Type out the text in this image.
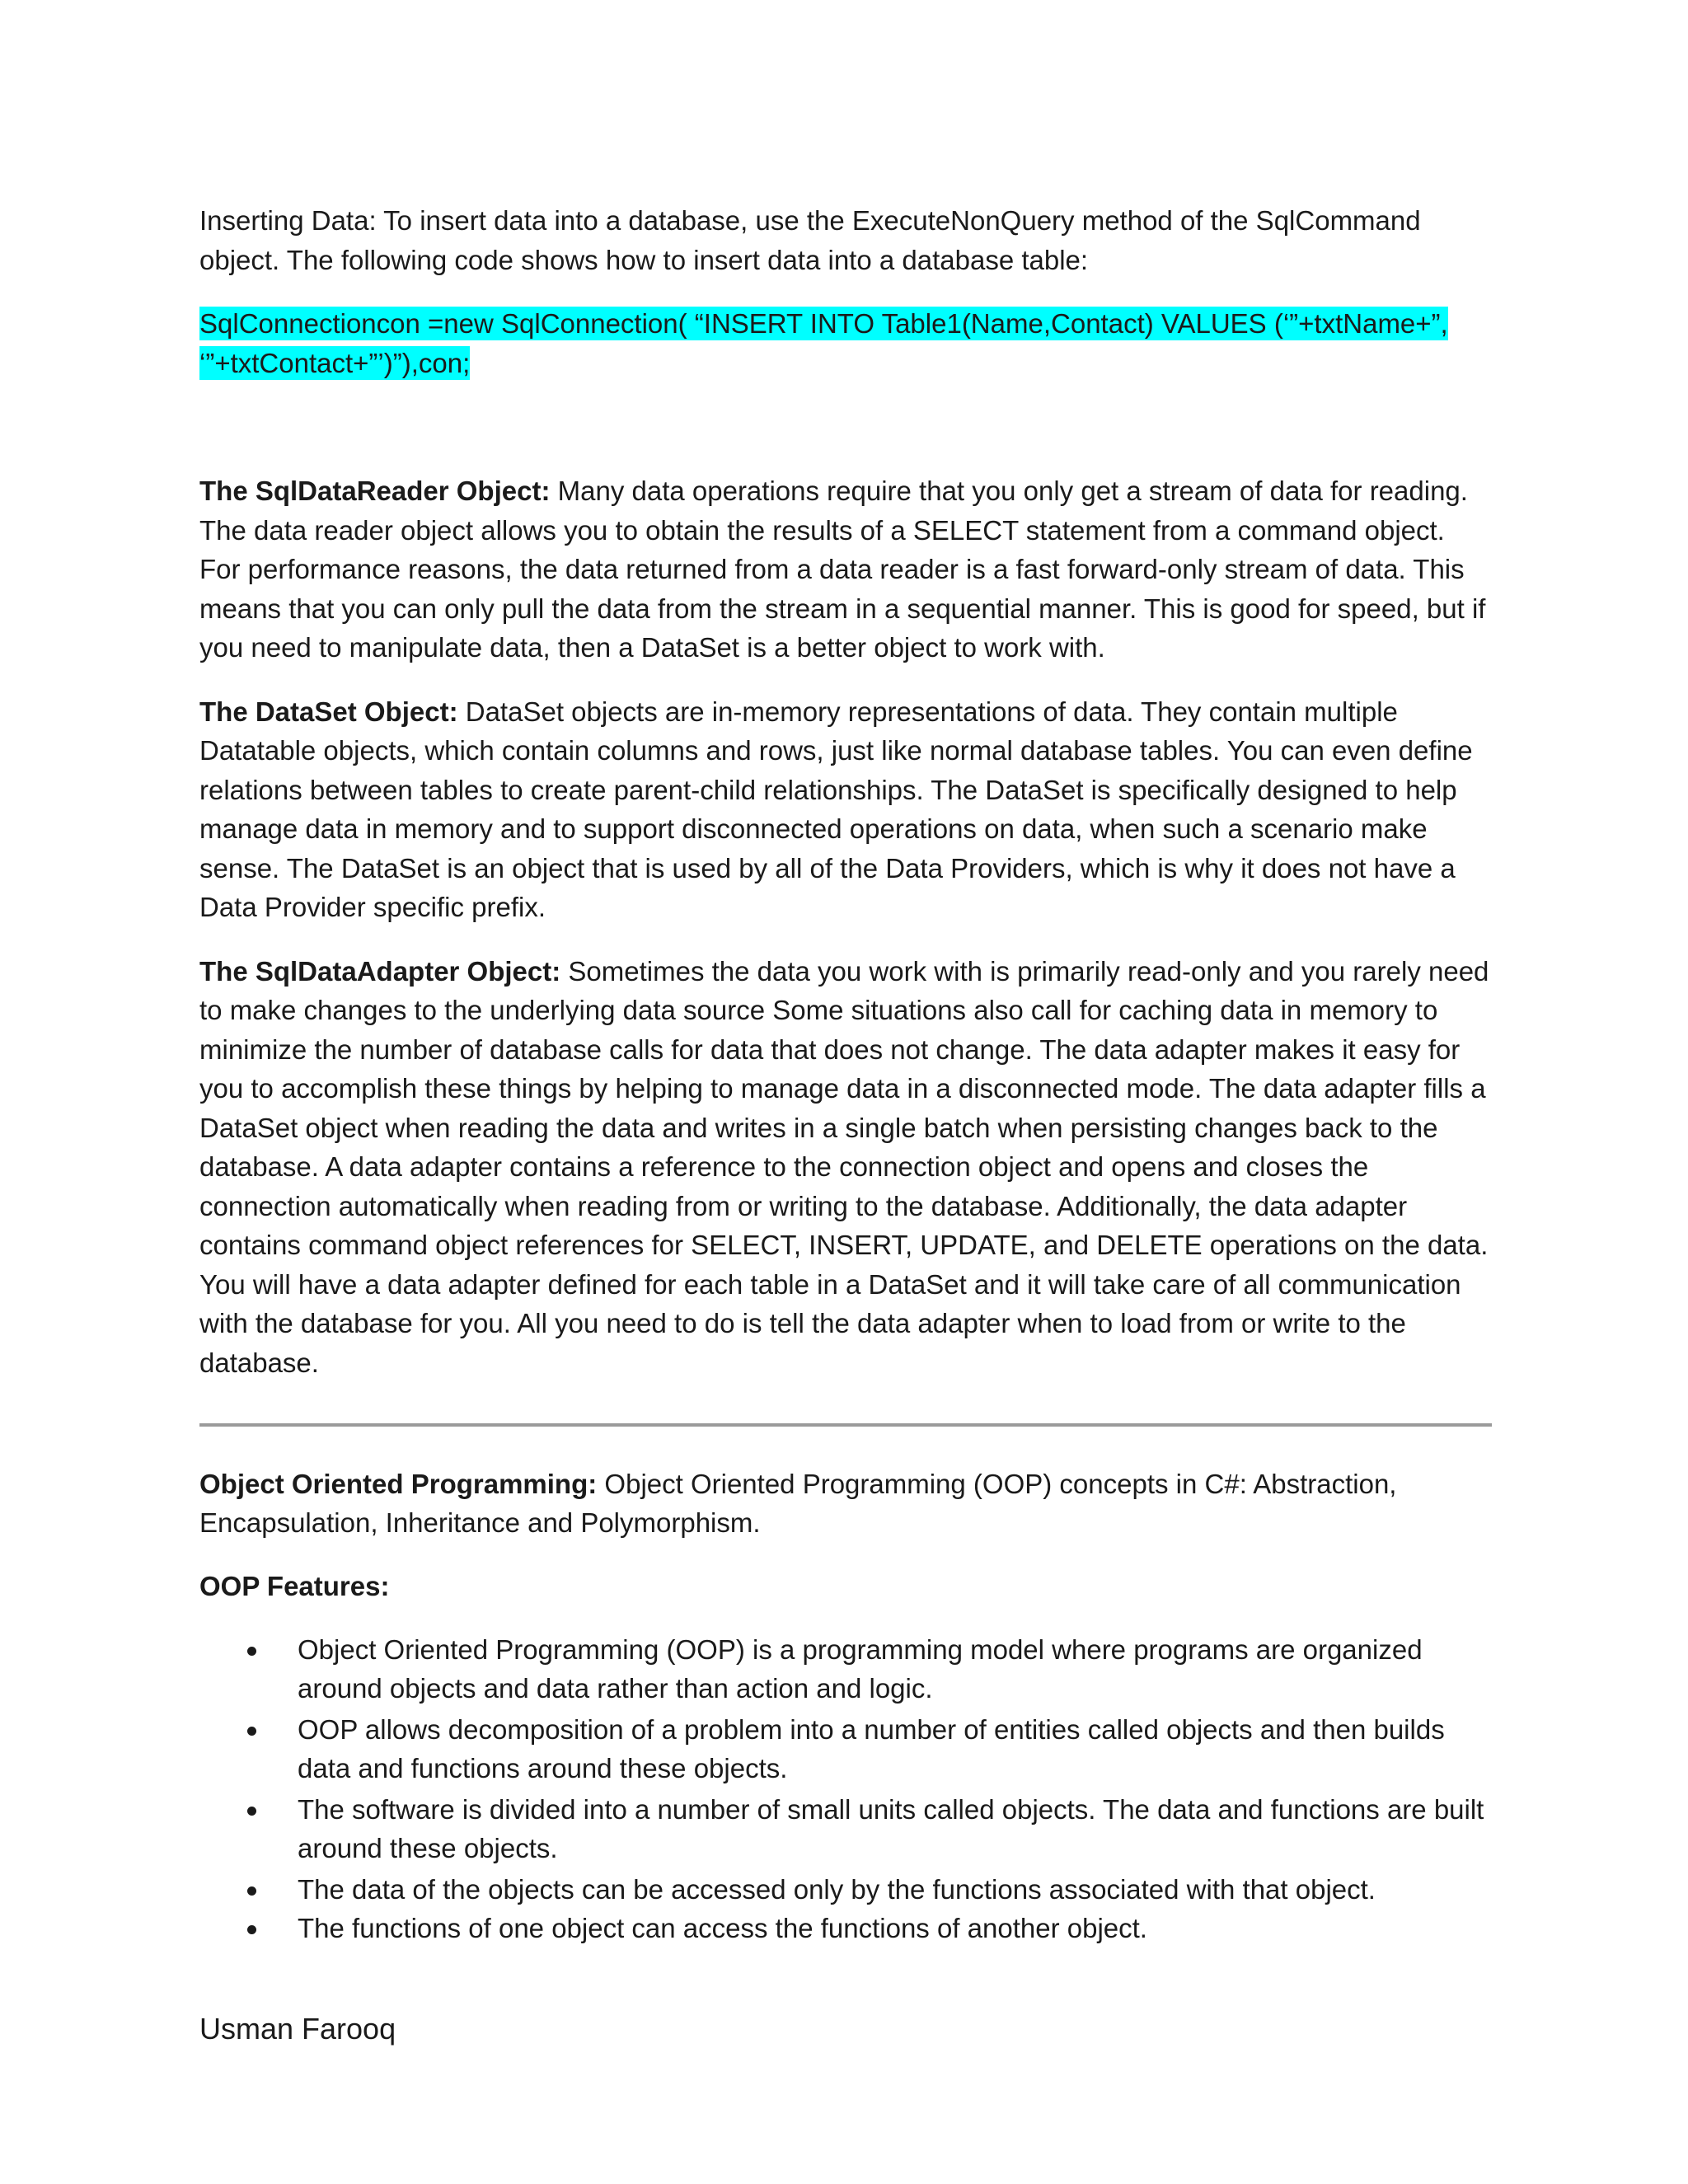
Inserting Data: To insert data into a database, use the ExecuteNonQuery method of the SqlCommand object. The following code shows how to insert data into a database table:

SqlConnectioncon =new SqlConnection( “INSERT INTO Table1(Name,Contact) VALUES (‘”+txtName+”,
‘”+txtContact+”’)”),con;

The SqlDataReader Object: Many data operations require that you only get a stream of data for reading. The data reader object allows you to obtain the results of a SELECT statement from a command object. For performance reasons, the data returned from a data reader is a fast forward-only stream of data. This means that you can only pull the data from the stream in a sequential manner. This is good for speed, but if you need to manipulate data, then a DataSet is a better object to work with.

The DataSet Object: DataSet objects are in-memory representations of data. They contain multiple Datatable objects, which contain columns and rows, just like normal database tables. You can even define relations between tables to create parent-child relationships. The DataSet is specifically designed to help manage data in memory and to support disconnected operations on data, when such a scenario make sense. The DataSet is an object that is used by all of the Data Providers, which is why it does not have a Data Provider specific prefix.

The SqlDataAdapter Object: Sometimes the data you work with is primarily read-only and you rarely need to make changes to the underlying data source Some situations also call for caching data in memory to minimize the number of database calls for data that does not change. The data adapter makes it easy for you to accomplish these things by helping to manage data in a disconnected mode. The data adapter fills a DataSet object when reading the data and writes in a single batch when persisting changes back to the database. A data adapter contains a reference to the connection object and opens and closes the connection automatically when reading from or writing to the database. Additionally, the data adapter contains command object references for SELECT, INSERT, UPDATE, and DELETE operations on the data. You will have a data adapter defined for each table in a DataSet and it will take care of all communication with the database for you. All you need to do is tell the data adapter when to load from or write to the database.

Object Oriented Programming: Object Oriented Programming (OOP) concepts in C#: Abstraction, Encapsulation, Inheritance and Polymorphism.

OOP Features:

Object Oriented Programming (OOP) is a programming model where programs are organized around objects and data rather than action and logic.
OOP allows decomposition of a problem into a number of entities called objects and then builds data and functions around these objects.
The software is divided into a number of small units called objects. The data and functions are built around these objects.
The data of the objects can be accessed only by the functions associated with that object.
The functions of one object can access the functions of another object.
Usman Farooq
